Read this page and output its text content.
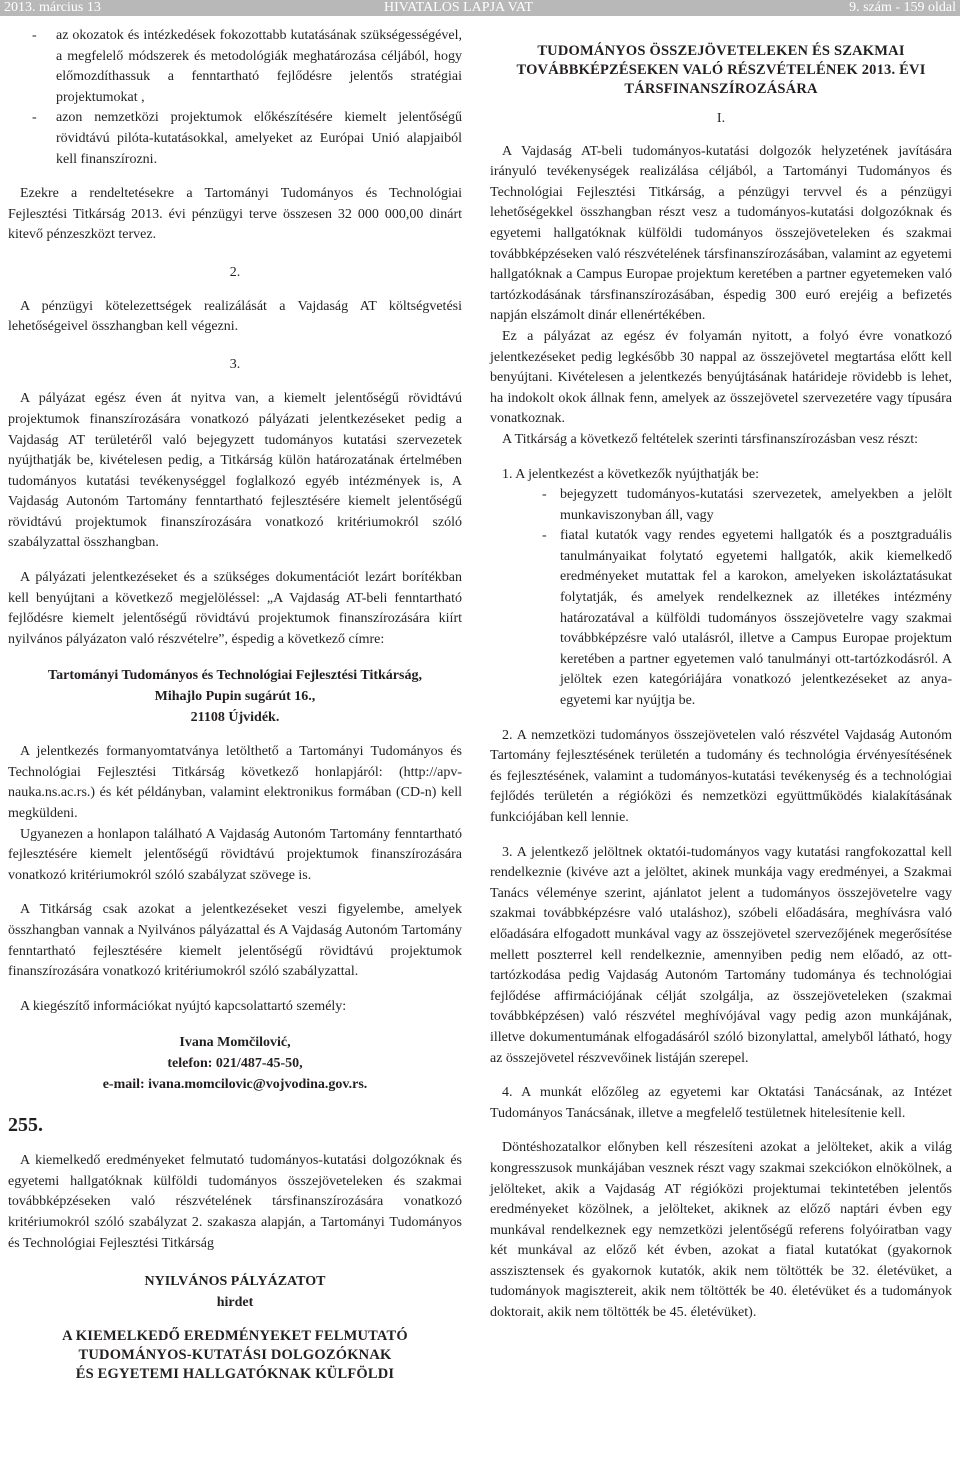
2013. március 13	HIVATALOS LAPJA VAT	9. szám - 159 oldal
- az okozatok és intézkedések fokozottabb kutatásának szükségességével, a megfelelő módszerek és metodológiák meghatározása céljából, hogy előmozdíthassuk a fenntartható fejlődésre jelentős stratégiai projektumokat ,
- azon nemzetközi projektumok előkészítésére kiemelt jelentőségű rövidtávú pilóta-kutatásokkal, amelyeket az Európai Unió alapjaiból kell finanszírozni.

Ezekre a rendeltetésekre a Tartományi Tudományos és Technológiai Fejlesztési Titkárság 2013. évi pénzügyi terve összesen 32 000 000,00 dinárt kitevő pénzeszközt tervez.

2.

A pénzügyi kötelezettségek realizálását a Vajdaság AT költségvetési lehetőségeivel összhangban kell végezni.

3.

A pályázat egész éven át nyitva van, a kiemelt jelentőségű rövidtávú projektumok finanszírozására vonatkozó pályázati jelentkezéseket pedig a Vajdaság AT területéről való bejegyzett tudományos kutatási szervezetek nyújthatják be, kivételesen pedig, a Titkárság külön határozatának értelmében tudományos kutatási tevékenységgel foglalkozó egyéb intézmények is, A Vajdaság Autonóm Tartomány fenntartható fejlesztésére kiemelt jelentőségű rövidtávú projektumok finanszírozására vonatkozó kritériumokról szóló szabályzattal összhangban.

A pályázati jelentkezéseket és a szükséges dokumentációt lezárt borítékban kell benyújtani a következő megjelöléssel: „A Vajdaság AT-beli fenntartható fejlődésre kiemelt jelentőségű rövidtávú projektumok finanszírozására kiírt nyilvános pályázaton való részvételre”, éspedig a következő címre:

Tartományi Tudományos és Technológiai Fejlesztési Titkárság,

Mihajlo Pupin sugárút 16.,

21108 Újvidék.

A jelentkezés formanyomtatványa letölthető a Tartományi Tudományos és Technológiai Fejlesztési Titkárság következő honlapjáról: (http://apv-nauka.ns.ac.rs.) és két példányban, valamint elektronikus formában (CD-n) kell megküldeni.

Ugyanezen a honlapon található A Vajdaság Autonóm Tartomány fenntartható fejlesztésére kiemelt jelentőségű rövidtávú projektumok finanszírozására vonatkozó kritériumokról szóló szabályzat szövege is.

A Titkárság csak azokat a jelentkezéseket veszi figyelembe, amelyek összhangban vannak a Nyilvános pályázattal és A Vajdaság Autonóm Tartomány fenntartható fejlesztésére kiemelt jelentőségű rövidtávú projektumok finanszírozására vonatkozó kritériumokról szóló szabályzattal.

A kiegészítő információkat nyújtó kapcsolattartó személy:

Ivana Momčilović,

telefon: 021/487-45-50,

e-mail: ivana.momcilovic@vojvodina.gov.rs.

255.

A kiemelkedő eredményeket felmutató tudományos-kutatási dolgozóknak és egyetemi hallgatóknak külföldi tudományos összejöveteleken és szakmai továbbképzéseken való részvételének társfinanszírozására vonatkozó kritériumokról szóló szabályzat 2. szakasza alapján, a Tartományi Tudományos és Technológiai Fejlesztési Titkárság

NYILVÁNOS PÁLYÁZATOT

hirdet

A KIEMELKEDŐ EREDMÉNYEKET FELMUTATÓ

TUDOMÁNYOS-KUTATÁSI DOLGOZÓKNAK

ÉS EGYETEMI HALLGATÓKNAK KÜLFÖLDI

TUDOMÁNYOS ÖSSZEJÖVETELEKEN ÉS SZAKMAI

TOVÁBBKÉPZÉSEKEN VALÓ RÉSZVÉTELÉNEK 2013. ÉVI

TÁRSFINANSZÍROZÁSÁRA

I.

A Vajdaság AT-beli tudományos-kutatási dolgozók helyzetének javítására irányuló tevékenységek realizálása céljából, a Tartományi Tudományos és Technológiai Fejlesztési Titkárság, a pénzügyi tervvel és a pénzügyi lehetőségekkel összhangban részt vesz a tudományos-kutatási dolgozóknak és egyetemi hallgatóknak külföldi tudományos összejöveteleken és szakmai továbbképzéseken való részvételének társfinanszírozásában, valamint az egyetemi hallgatóknak a Campus Europae projektum keretében a partner egyetemeken való tartózkodásának társfinanszírozásában, éspedig 300 euró erejéig a befizetés napján elszámolt dinár ellenértékében.

Ez a pályázat az egész év folyamán nyitott, a folyó évre vonatkozó jelentkezéseket pedig legkésőbb 30 nappal az összejövetel megtartása előtt kell benyújtani. Kivételesen a jelentkezés benyújtásának határideje rövidebb is lehet, ha indokolt okok állnak fenn, amelyek az összejövetel szervezetére vagy típusára vonatkoznak.

A Titkárság a következő feltételek szerinti társfinanszírozásban vesz részt:

1. A jelentkezést a következők nyújthatják be:

- bejegyzett tudományos-kutatási szervezetek, amelyekben a jelölt munkaviszonyban áll, vagy
- fiatal kutatók vagy rendes egyetemi hallgatók és a posztgraduális tanulmányaikat folytató egyetemi hallgatók, akik kiemelkedő eredményeket mutattak fel a karokon, amelyeken iskoláztatásukat folytatják, és amelyek rendelkeznek az illetékes intézmény határozatával a külföldi tudományos összejövetelre vagy szakmai továbbképzésre való utalásról, illetve a Campus Europae projektum keretében a partner egyetemen való tanulmányi ott-tartózkodásról. A jelöltek ezen kategóriájára vonatkozó jelentkezéseket az anya-egyetemi kar nyújtja be.

2. A nemzetközi tudományos összejövetelen való részvétel Vajdaság Autonóm Tartomány fejlesztésének területén a tudomány és technológia érvényesítésének és fejlesztésének, valamint a tudományos-kutatási tevékenység és a technológiai fejlődés területén a régióközi és nemzetközi együttműködés kialakításának funkciójában kell lennie.

3. A jelentkező jelöltnek oktatói-tudományos vagy kutatási rangfokozattal kell rendelkeznie (kivéve azt a jelöltet, akinek munkája vagy eredményei, a Szakmai Tanács véleménye szerint, ajánlatot jelent a tudományos összejövetelre vagy szakmai továbbképzésre való utaláshoz), szóbeli előadására, meghívásra való előadására elfogadott munkával vagy az összejövetel szervezőjének megerősítése mellett poszterrel kell rendelkeznie, amennyiben pedig nem előadó, az ott-tartózkodása pedig Vajdaság Autonóm Tartomány tudománya és technológiai fejlődése affirmációjának célját szolgálja, az összejöveteleken (szakmai továbbképzésen) való részvétel meghívójával vagy pedig azon munkájának, illetve dokumentumának elfogadásáról szóló bizonylattal, amelyből látható, hogy az összejövetel részvevőinek listáján szerepel.

4. A munkát előzőleg az egyetemi kar Oktatási Tanácsának, az Intézet Tudományos Tanácsának, illetve a megfelelő testületnek hitelesítenie kell.

Döntéshozatalkor előnyben kell részesíteni azokat a jelölteket, akik a világ kongresszusok munkájában vesznek részt vagy szakmai szekciókon elnökölnek, a jelölteket, akik a Vajdaság AT régióközi projektumai tekintetében jelentős eredményeket közölnek, a jelölteket, akiknek az előző naptári évben egy munkával rendelkeznek egy nemzetközi jelentőségű referens folyóiratban vagy két munkával az előző két évben, azokat a fiatal kutatókat (gyakornok asszisztensek és gyakornok kutatók, akik nem töltötték be 32. életévüket, a tudományok magisztereit, akik nem töltötték be 40. életévüket és a tudományok doktorait, akik nem töltötték be 45. életévüket).
